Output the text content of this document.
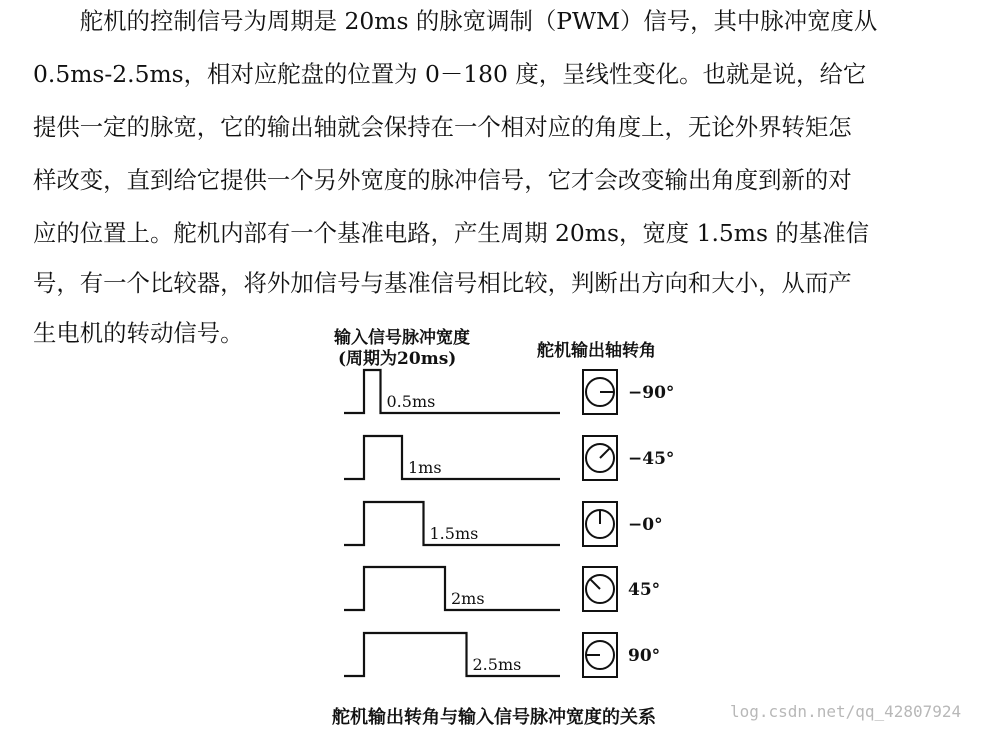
　　舵机的控制信号为周期是 20ms 的脉宽调制（PWM）信号，其中脉冲宽度从
0.5ms-2.5ms，相对应舵盘的位置为 0－180 度，呈线性变化。也就是说，给它
提供一定的脉宽，它的输出轴就会保持在一个相对应的角度上，无论外界转矩怎
样改变，直到给它提供一个另外宽度的脉冲信号，它才会改变输出角度到新的对
应的位置上。舵机内部有一个基准电路，产生周期 20ms，宽度 1.5ms 的基准信
号，有一个比较器，将外加信号与基准信号相比较，判断出方向和大小，从而产
生电机的转动信号。	输入信号脉冲宽度
(周期为20ms)	舵机输出轴转角
0.5ms	−90°
1ms	−45°
1.5ms	−0°
2ms	45°
2.5ms	90°
舵机输出转角与输入信号脉冲宽度的关系	log.csdn.net/qq_42807924
